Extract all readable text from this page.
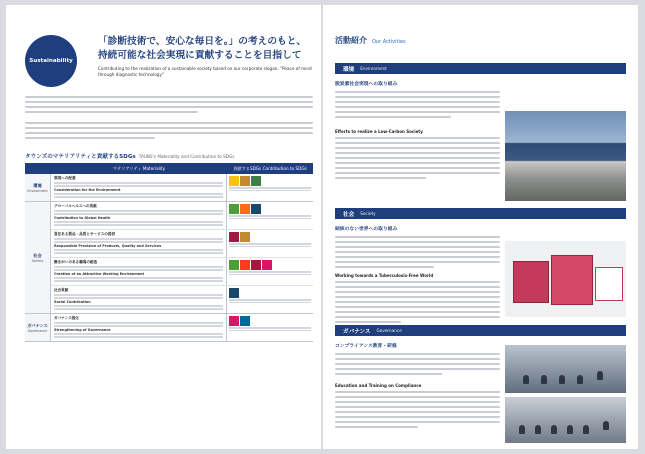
Sustainability
「診断技術で、安心な毎日を。」の考えのもと、
持続可能な社会実現に貢献することを目指して
Contributing to the realization of a sustainable society based on our corporate slogan, "Peace of mind through diagnostic technology"
タウンズのマテリアリティと貢献するSDGs TAUNS's Materiality and Contribution to SDGs
マテリアリティ Materiality	貢献するSDGs Contribution to SDGs
環境
Environment
環境への配慮
Consideration for the Environment
社会
Society
グローバルヘルスへの貢献
Contribution to Global Health
責任ある製品・品質とサービスの提供
Responsible Provision of Products, Quality and Services
働きがいのある職場の創造
Creation of an Attractive Working Environment
社会貢献
Social Contribution
ガバナンス
Governance
ガバナンス強化
Strengthening of Governance
活動紹介 Our Activities
環境 Environment
脱炭素社会実現への取り組み
Efforts to realize a Low-Carbon Society
社会 Society
結核のない世界への取り組み
Working towards a Tuberculosis-Free World
ガバナンス Governance
コンプライアンス教育・研修
Education and Training on Compliance
